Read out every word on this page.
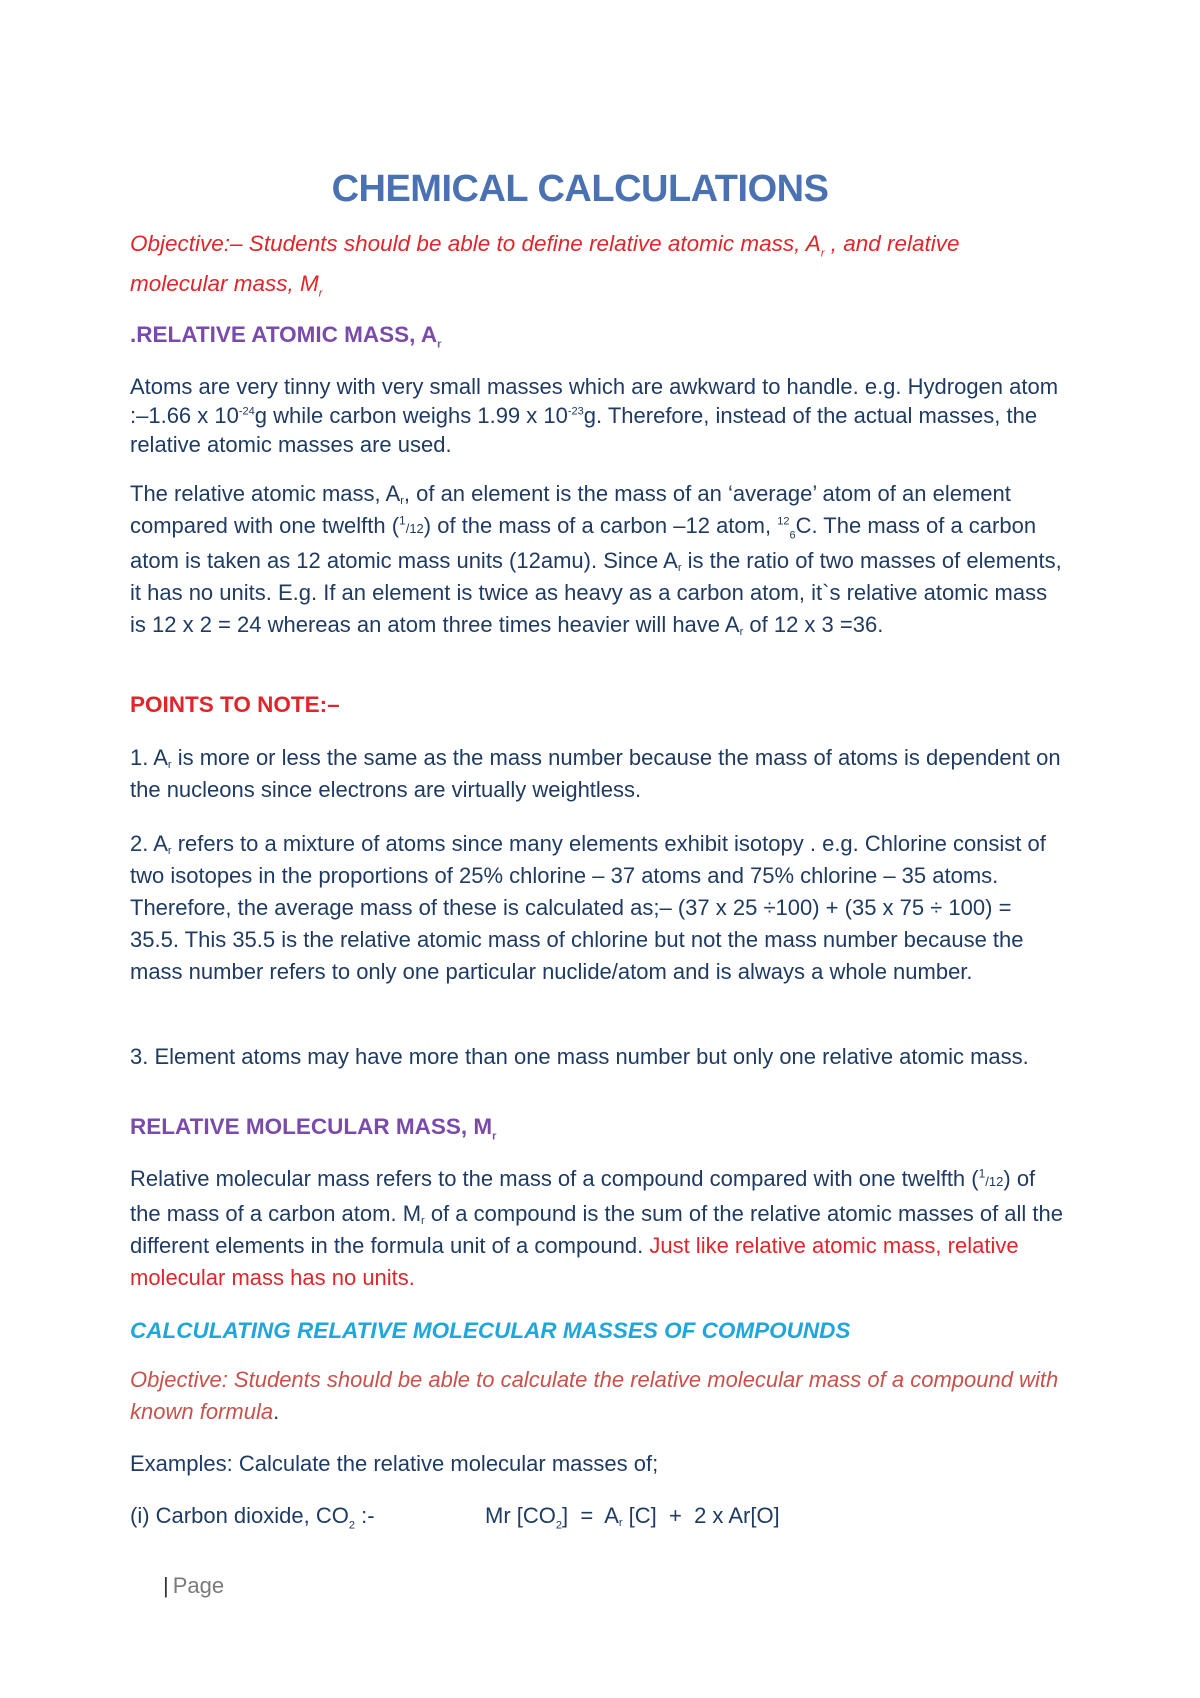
CHEMICAL CALCULATIONS
Objective:– Students should be able to define relative atomic mass, $A_r$ , and relative molecular mass, $M_r$
.RELATIVE ATOMIC MASS, $A_r$
Atoms are very tinny with very small masses which are awkward to handle. e.g. Hydrogen atom :–1.66 x $10^{-24}g$ while carbon weighs 1.99 x $10^{-23}g$. Therefore, instead of the actual masses, the relative atomic masses are used.
The relative atomic mass, $A_r$, of an element is the mass of an ‘average’ atom of an element compared with one twelfth ($^1$/12) of the mass of a carbon –12 atom, $^{12}_6$C. The mass of a carbon atom is taken as 12 atomic mass units (12amu). Since $A_r$ is the ratio of two masses of elements, it has no units. E.g. If an element is twice as heavy as a carbon atom, it`s relative atomic mass is 12 x 2 = 24 whereas an atom three times heavier will have $A_r$ of 12 x 3 =36.
POINTS TO NOTE:–
1. $A_r$ is more or less the same as the mass number because the mass of atoms is dependent on the nucleons since electrons are virtually weightless.
2. $A_r$ refers to a mixture of atoms since many elements exhibit isotopy . e.g. Chlorine consist of two isotopes in the proportions of 25% chlorine – 37 atoms and 75% chlorine – 35 atoms. Therefore, the average mass of these is calculated as;– (37 x 25 ÷100) + (35 x 75 ÷ 100) = 35.5. This 35.5 is the relative atomic mass of chlorine but not the mass number because the mass number refers to only one particular nuclide/atom and is always a whole number.
3. Element atoms may have more than one mass number but only one relative atomic mass.
RELATIVE MOLECULAR MASS, $M_r$
Relative molecular mass refers to the mass of a compound compared with one twelfth ($^1$/12) of the mass of a carbon atom. $M_r$ of a compound is the sum of the relative atomic masses of all the different elements in the formula unit of a compound. Just like relative atomic mass, relative molecular mass has no units.
CALCULATING RELATIVE MOLECULAR MASSES OF COMPOUNDS
Objective: Students should be able to calculate the relative molecular mass of a compound with known formula.
Examples: Calculate the relative molecular masses of;
(i) Carbon dioxide, $CO_2$ :-	Mr $[CO_2] = A_r$ [C]  +  2 x Ar[O]
| Page
